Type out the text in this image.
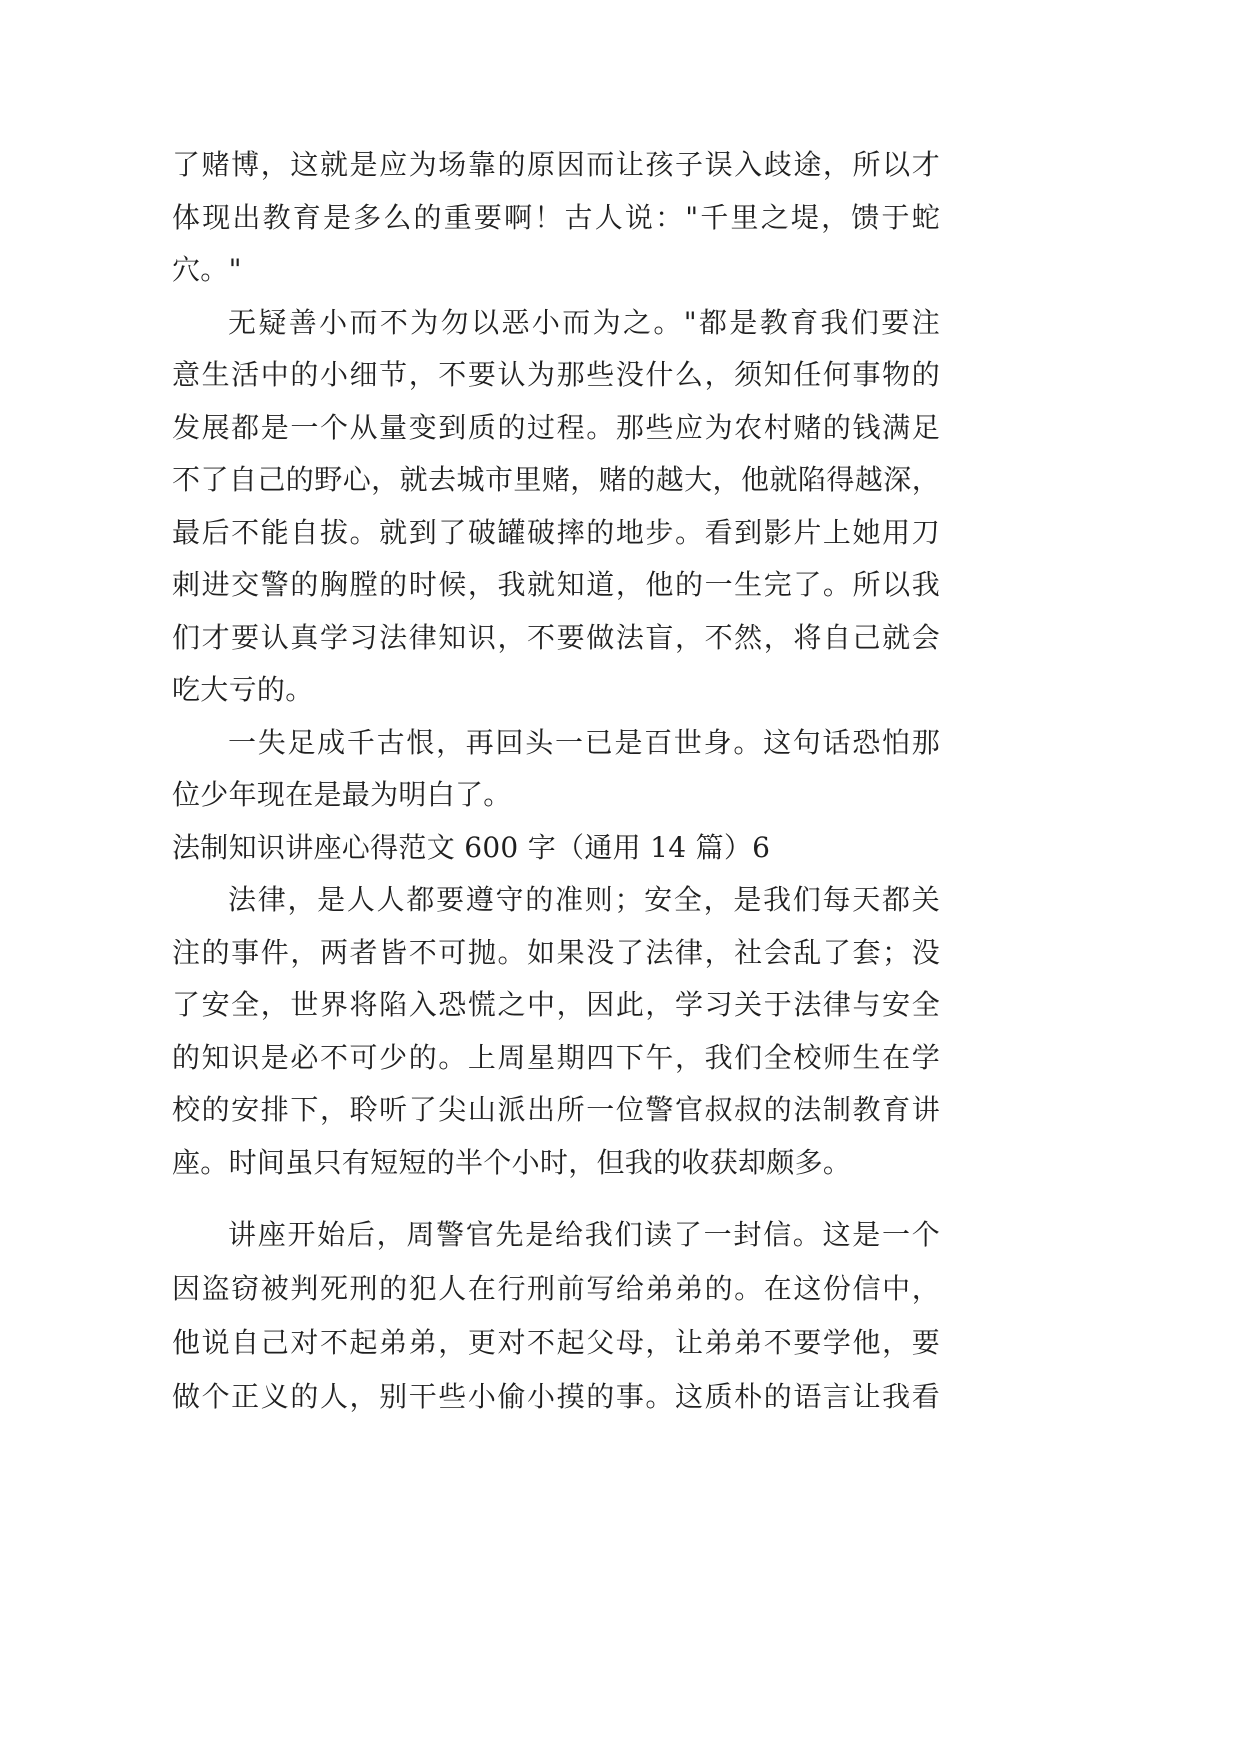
了赌博，这就是应为场靠的原因而让孩子误入歧途，所以才
体现出教育是多么的重要啊！古人说："千里之堤，馈于蛇
穴。"
无疑善小而不为勿以恶小而为之。"都是教育我们要注
意生活中的小细节，不要认为那些没什么，须知任何事物的
发展都是一个从量变到质的过程。那些应为农村赌的钱满足
不了自己的野心，就去城市里赌，赌的越大，他就陷得越深，
最后不能自拔。就到了破罐破摔的地步。看到影片上她用刀
刺进交警的胸膛的时候，我就知道，他的一生完了。所以我
们才要认真学习法律知识，不要做法盲，不然，将自己就会
吃大亏的。
一失足成千古恨，再回头一已是百世身。这句话恐怕那
位少年现在是最为明白了。
法制知识讲座心得范文 600 字（通用 14 篇）6
法律，是人人都要遵守的准则；安全，是我们每天都关
注的事件，两者皆不可抛。如果没了法律，社会乱了套；没
了安全，世界将陷入恐慌之中，因此，学习关于法律与安全
的知识是必不可少的。上周星期四下午，我们全校师生在学
校的安排下，聆听了尖山派出所一位警官叔叔的法制教育讲
座。时间虽只有短短的半个小时，但我的收获却颇多。
讲座开始后，周警官先是给我们读了一封信。这是一个
因盗窃被判死刑的犯人在行刑前写给弟弟的。在这份信中，
他说自己对不起弟弟，更对不起父母，让弟弟不要学他，要
做个正义的人，别干些小偷小摸的事。这质朴的语言让我看
